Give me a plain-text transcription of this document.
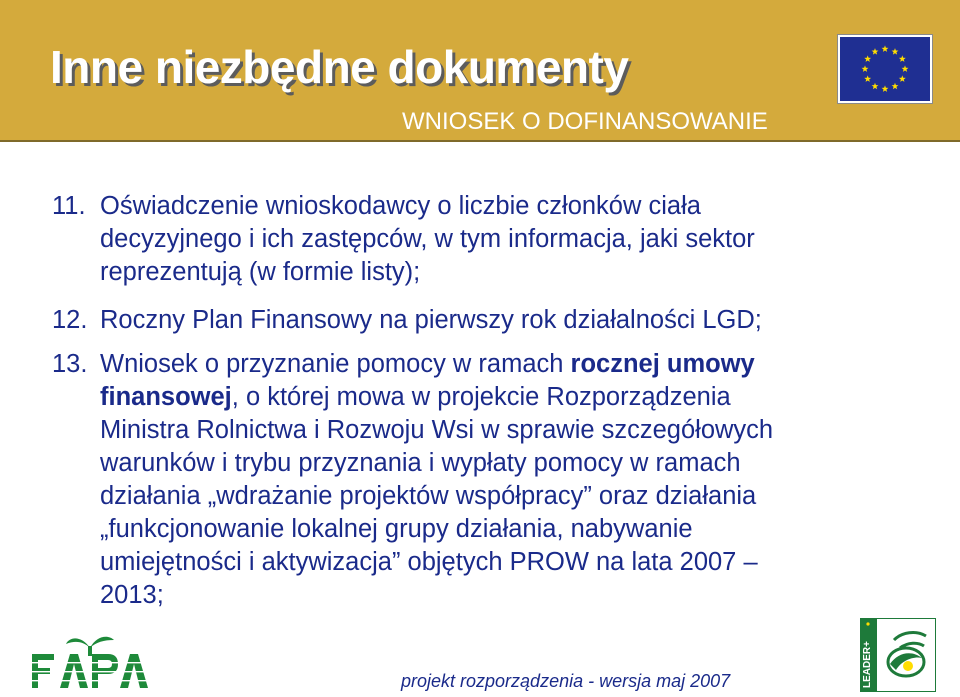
Inne niezbędne dokumenty
WNIOSEK O DOFINANSOWANIE
11. Oświadczenie wnioskodawcy o liczbie członków ciała
decyzyjnego i ich zastępców, w tym informacja, jaki sektor
reprezentują (w formie listy);
12. Roczny Plan Finansowy na pierwszy rok działalności LGD;
13. Wniosek o przyznanie pomocy w ramach rocznej umowy
finansowej, o której mowa w projekcie Rozporządzenia
Ministra Rolnictwa i Rozwoju Wsi w sprawie szczegółowych
warunków i trybu przyznania i wypłaty pomocy w ramach
działania „wdrażanie projektów współpracy” oraz działania
„funkcjonowanie lokalnej grupy działania, nabywanie
umiejętności i aktywizacja” objętych PROW na lata 2007 –
2013;
projekt rozporządzenia - wersja maj 2007	LEADER+
